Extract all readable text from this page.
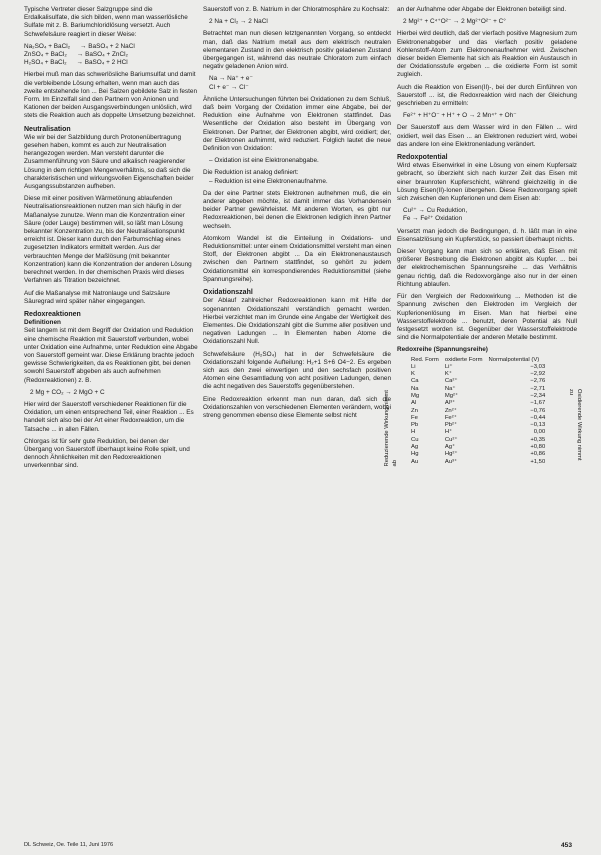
Typische Vertreter dieser Salzgruppe sind die Erdalkalisulfate, die sich bilden, wenn man wasserlösliche Sulfate mit z. B. Bariumchloridlösung versetzt. Auch Schwefelsäure reagiert in dieser Weise:

Na₂SO₄ + BaCl₂ → BaSO₄ + 2 NaCl
ZnSO₄ + BaCl₂ → BaSO₄ + ZnCl₂
H₂SO₄ + BaCl₂ → BaSO₄ + 2 HCl

Hierbei muß man das schwerlösliche Bariumsulfat und damit die verbleibende Lösung erhalten, wenn man auch das zweite entstehende Ion ... Bei Salzen gebildete Salz in festen Form. Im Einzelfall sind den Partnern von Anionen und Kationen der beiden Ausgangsverbindungen unlöslich, wird stets die Reaktion auch als doppelte Umsetzung bezeichnet.

Neutralisation

Wie wir bei der Salzbildung durch Protonenübertragung gesehen haben, kommt es auch zur Neutralisation herangezogen werden. Man versteht darunter die Zusammenführung von Säure und alkalisch reagierender Lösung in dem richtigen Mengenverhältnis, so daß sich die charakteristischen und wirkungsvollen Eigenschaften beider Ausgangssubstanzen aufheben.

Diese mit einer positiven Wärmetönung ablaufenden Neutralisationsreaktionen nutzen man sich häufig in der Maßanalyse zunutze. Wenn man die Konzentration einer Säure (oder Lauge) bestimmen will, so läßt man Lösung bekannter Konzentration zu, bis der Neutralisationspunkt erreicht ist. Dieser kann durch den Farbumschlag eines zugesetzten Indikators ermittelt werden. Aus der verbrauchten Menge der Maßlösung (mit bekannter Konzentration) kann die Konzentration der anderen Lösung berechnet werden. In der chemischen Praxis wird dieses Verfahren als Titration bezeichnet.

Auf die Maßanalyse mit Natronlauge und Salzsäure Säuregrad wird später näher eingegangen.

Redoxreaktionen
Definitionen

Seit langem ist mit dem Begriff der Oxidation und Reduktion eine chemische Reaktion mit Sauerstoff verbunden, wobei unter Oxidation eine Aufnahme, unter Reduktion eine Abgabe von Sauerstoff gemeint war. Diese Erklärung brachte jedoch gewisse Schwierigkeiten, da es Reaktionen gibt, bei denen sowohl Sauerstoff abgeben als auch aufnehmen (Redoxreaktionen) z. B.

2 Mg + CO₂ → 2 MgO + C

Hier wird der Sauerstoff verschiedener Reaktionen für die Oxidation, um einen entsprechend Teil, einer Reaktion ... Es handelt sich also bei der Art einer Redoxreaktion, um die Tatsache ... in allen Fällen.

Chlorgas ist für sehr gute Reduktion, bei denen der Übergang von Sauerstoff überhaupt keine Rolle spielt, und dennoch Ähnlichkeiten mit den Redoxreaktionen unverkennbar sind.

Sauerstoff von z. B. Natrium in der Chloratmosphäre zu Kochsalz:

2 Na + Cl₂ → 2 NaCl

Betrachtet man nun diesen letztgenannten Vorgang, so entdeckt man, daß das Natrium metall aus dem elektrisch neutralen elementaren Zustand in den elektrisch positiv geladenen Zustand übergegangen ist, während das neutrale Chloratom zum einfach negativ geladenen Anion wird.

Na → Na⁺ + e⁻
Cl + e⁻ → Cl⁻

Ähnliche Untersuchungen führten bei Oxidationen zu dem Schluß, daß beim Vorgang der Oxidation immer eine Abgabe, bei der Reduktion eine Aufnahme von Elektronen stattfindet. Das Wesentliche der Oxidation also besteht im Übergang von Elektronen. Der Partner, der Elektronen abgibt, wird oxidiert; der, der Elektronen aufnimmt, wird reduziert. Folglich lautet die neue Definition von Oxidation:

– Oxidation ist eine Elektronenabgabe.

Die Reduktion ist analog definiert:

– Reduktion ist eine Elektronenaufnahme.

Da der eine Partner stets Elektronen aufnehmen muß, die ein anderer abgeben möchte, ist damit immer das Vorhandensein beider Partner gewährleistet. Mit anderen Worten, es gibt nur Redoxreaktionen, bei denen die Elektronen lediglich ihren Partner wechseln.

Atomkorn Wandel ist die Einteilung in Oxidations- und Reduktionsmittel: unter einem Oxidationsmittel versteht man einen Stoff, der Elektronen abgibt ... Da ein Elektronenaustausch zwischen den Partnern stattfindet, so gehört zu jedem Oxidationsmittel ein korrespondierendes Reduktionsmittel (siehe Spannungsreihe).

Oxidationszahl

Der Ablauf zahlreicher Redoxreaktionen kann mit Hilfe der sogenannten Oxidationszahl verständlich gemacht werden. Hierbei verzichtet man im Grunde eine Angabe der Wertigkeit des Elementes. Die Oxidationszahl gibt die Summe aller positiven und negativen Ladungen ... In Elementen haben Atome die Oxidationszahl Null.

Schwefelsäure (H₂SO₄) hat in der Schwefelsäure die Oxidationszahl folgende Aufteilung: H₂+1 S+6 O4−2. Es ergeben sich aus den zwei einwertigen und den sechsfach positiven Atomen eine Gesamtladung von acht positiven Ladungen, denen die acht negativen des Sauerstoffs gegenüberstehen.

Eine Redoxreaktion erkennt man nun daran, daß sich die Oxidationszahlen von verschiedenen Elementen verändern, wobei streng genommen ebenso diese Elemente selbst nicht

an der Aufnahme oder Abgabe der Elektronen beteiligt sind.

2 Mg²⁺ + C⁴⁺O²⁻ → 2 Mg²⁺O²⁻ + C°

Hierbei wird deutlich, daß der vierfach positive Magnesium zum Elektronenabgeber und das vierfach positiv geladene Kohlenstoff-Atom zum Elektronenaufnehmer wird. Zwischen dieser beiden Elemente hat sich als Reaktion ein Austausch in der Oxidationsstufe ergeben ... die oxidierte Form ist somit zugleich.

Auch die Reaktion von Eisen(II)-, bei der durch Einführen von Sauerstoff ... ist, die Redoxreaktion wird nach der Gleichung geschrieben zu ermitteln:

Fe²⁺ + H⁺O⁻ + H⁺ + O → 2 Mn⁴⁺ + Oh⁻

Der Sauerstoff aus dem Wasser wird in den Fällen ... wird oxidiert, weil das Eisen ... an Elektronen reduziert wird, wobei das andere Ion eine Elektronenladung verändert.

Redoxpotential

Wird etwas Eisenwirkel in eine Lösung von einem Kupfersalz gebracht, so überzieht sich nach kurzer Zeit das Eisen mit einer braunroten Kupferschicht, während gleichzeitig in die Lösung Eisen(II)-Ionen übergehen. Diese Redoxvorgang spielt sich zwischen den Kupferionen und dem Eisen ab:

Cu²⁺ → Cu Reduktion,
Fe → Fe²⁺ Oxidation

Versetzt man jedoch die Bedingungen, d. h. läßt man in eine Eisensalzlösung ein Kupferstück, so passiert überhaupt nichts.

Dieser Vorgang kann man sich so erklären, daß Eisen mit größerer Bestrebung die Elektronen abgibt als Kupfer. ... bei der elektrochemischen Spannungsreihe ... das Verhältnis genau richtig, daß die Redoxvorgänge also nur in der einen Richtung ablaufen.

Für den Vergleich der Redoxwirkung ... Methoden ist die Spannung zwischen den Elektroden im Vergleich der Kupferionenlösung im Eisen. Man hat hierbei eine Wasserstoffelektrode ... benutzt, deren Potential als Null festgesetzt worden ist. Gegenüber der Wasserstoffelektrode sind die Normalpotentiale der anderen Metalle bestimmt.

Redoxreihe (Spannungsreihe)
Reduzierende Wirkung nimmt ab
Oxidierende Wirkung nimmt zu
Red. Form	oxidierte Form	Normalpotential (V)
Li	Li⁺	−3,03
K	K⁺	−2,92
Ca	Ca²⁺	−2,76
Na	Na⁺	−2,71
Mg	Mg²⁺	−2,34
Al	Al³⁺	−1,67
Zn	Zn²⁺	−0,76
Fe	Fe²⁺	−0,44
Pb	Pb²⁺	−0,13
H	H⁺	0,00
Cu	Cu²⁺	+0,35
Ag	Ag⁺	+0,80
Hg	Hg²⁺	+0,86
Au	Au³⁺	+1,50
DL Schweiz, Oe. Teile 11, Juni 1976	453
